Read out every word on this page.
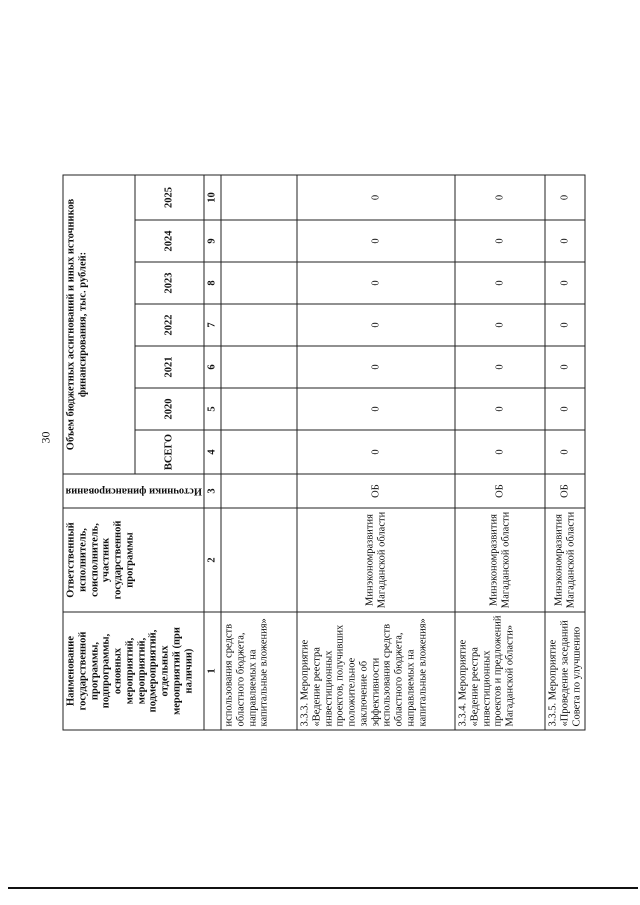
30
Наименование государственной программы, подпрограммы, основных мероприятий, мероприятий, подмероприятий, отдельных мероприятий (при наличии)	Ответственный исполнитель, соисполнитель, участник государственной программы	Источники финансирования	Объем бюджетных ассигнований и иных источников финансирования, тыс. рублей:						
			ВСЕГО	2020	2021	2022	2023	2024	2025
1	2	3	4	5	6	7	8	9	10
использования средств областного бюджета, направляемых на капитальные вложения»									
3.3.3. Мероприятие «Ведение реестра инвестиционных проектов, получивших положительное заключение об эффективности использования средств областного бюджета, направляемых на капитальные вложения»	Минэкономразвития Магаданской области	ОБ	0	0	0	0	0	0	0
3.3.4. Мероприятие «Ведение реестра инвестиционных проектов и предложений Магаданской области»	Минэкономразвития Магаданской области	ОБ	0	0	0	0	0	0	0
3.3.5. Мероприятие «Проведение заседаний Совета по улучшению	Минэкономразвития Магаданской области	ОБ	0	0	0	0	0	0	0
